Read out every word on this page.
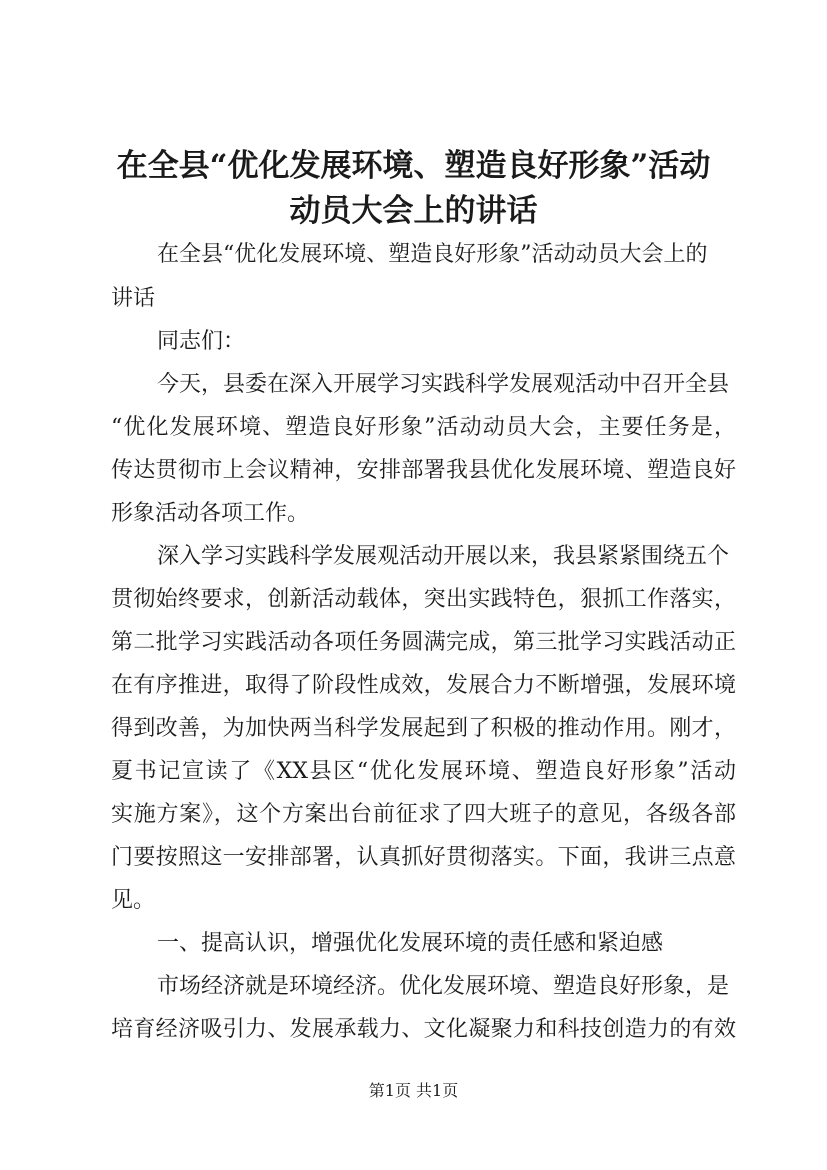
在全县“优化发展环境、塑造良好形象”活动
动员大会上的讲话
在全县“优化发展环境、塑造良好形象”活动动员大会上的
讲话
同志们：
今天，县委在深入开展学习实践科学发展观活动中召开全县
“优化发展环境、塑造良好形象”活动动员大会，主要任务是，
传达贯彻市上会议精神，安排部署我县优化发展环境、塑造良好
形象活动各项工作。
深入学习实践科学发展观活动开展以来，我县紧紧围绕五个
贯彻始终要求，创新活动载体，突出实践特色，狠抓工作落实，
第二批学习实践活动各项任务圆满完成，第三批学习实践活动正
在有序推进，取得了阶段性成效，发展合力不断增强，发展环境
得到改善，为加快两当科学发展起到了积极的推动作用。刚才，
夏书记宣读了《XX县区“优化发展环境、塑造良好形象”活动
实施方案》，这个方案出台前征求了四大班子的意见，各级各部
门要按照这一安排部署，认真抓好贯彻落实。下面，我讲三点意
见。
一、提高认识，增强优化发展环境的责任感和紧迫感
市场经济就是环境经济。优化发展环境、塑造良好形象，是
培育经济吸引力、发展承载力、文化凝聚力和科技创造力的有效
第1页 共1页
